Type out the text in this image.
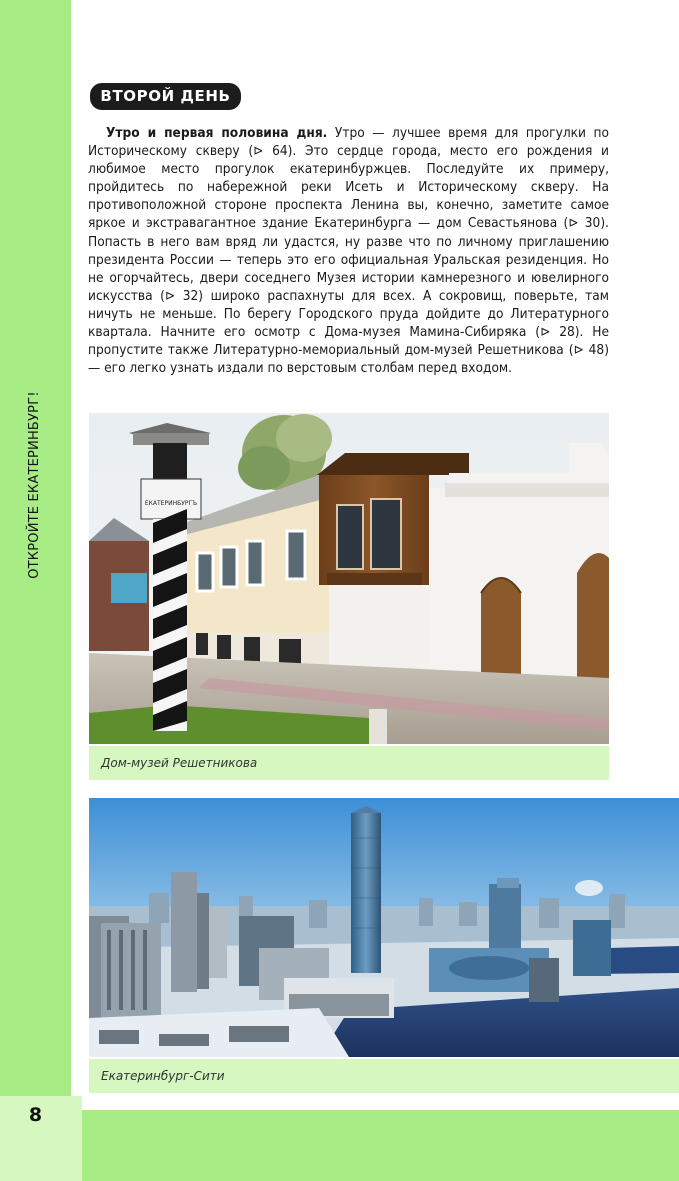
ОТКРОЙТЕ ЕКАТЕРИНБУРГ!
8
ВТОРОЙ ДЕНЬ

Утро и первая половина дня. Утро — лучшее время для прогулки по Историческому скверу (⊳ 64). Это сердце города, место его рождения и любимое место прогулок екатеринбуржцев. Последуйте их примеру, пройдитесь по набережной реки Исеть и Историческому скверу. На противоположной стороне проспекта Ленина вы, конечно, заметите самое яркое и экстравагантное здание Екатеринбурга — дом Севастьянова (⊳ 30). Попасть в него вам вряд ли удастся, ну разве что по личному приглашению президента России — теперь это его официальная Уральская резиденция. Но не огорчайтесь, двери соседнего Музея истории камнерезного и ювелирного искусства (⊳ 32) широко распахнуты для всех. А сокровищ, поверьте, там ничуть не меньше. По берегу Городского пруда дойдите до Литературного квартала. Начните его осмотр с Дома-музея Мамина-Сибиряка (⊳ 28). Не пропустите также Литературно-мемориальный дом-музей Решетникова (⊳ 48) — его легко узнать издали по верстовым столбам перед входом.

ЕКАТЕРИНБУРГЪ
Дом-музей Решетникова
Екатеринбург-Сити
